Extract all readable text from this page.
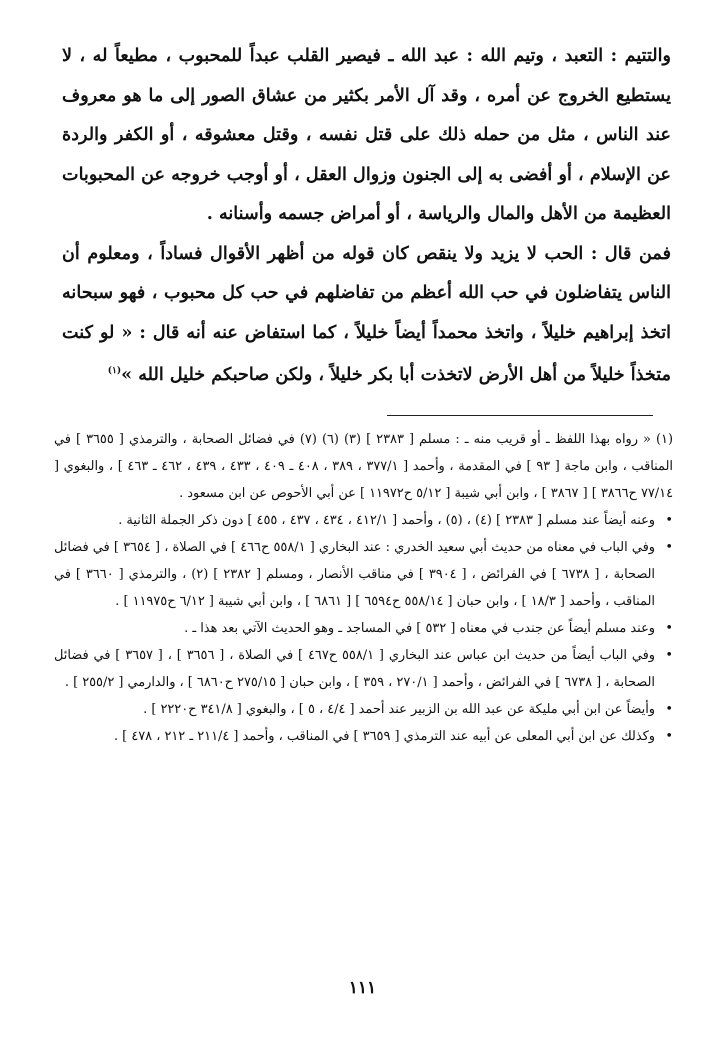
والتتيم : التعبد ، وتيم الله : عبد الله ـ فيصير القلب عبداً للمحبوب ، مطيعاً له ، لا يستطيع الخروج عن أمره ، وقد آل الأمر بكثير من عشاق الصور إلى ما هو معروف عند الناس ، مثل من حمله ذلك على قتل نفسه ، وقتل معشوقه ، أو الكفر والردة عن الإسلام ، أو أفضى به إلى الجنون وزوال العقل ، أو أوجب خروجه عن المحبوبات العظيمة من الأهل والمال والرياسة ، أو أمراض جسمه وأسنانه .

فمن قال : الحب لا يزيد ولا ينقص كان قوله من أظهر الأقوال فساداً ، ومعلوم أن الناس يتفاضلون في حب الله أعظم من تفاضلهم في حب كل محبوب ، فهو سبحانه اتخذ إبراهيم خليلاً ، واتخذ محمداً أيضاً خليلاً ، كما استفاض عنه أنه قال : « لو كنت متخذاً خليلاً من أهل الأرض لاتخذت أبا بكر خليلاً ، ولكن صاحبكم خليل الله »$^{(١)}$

(١) « رواه بهذا اللفظ ـ أو قريب منه ـ : مسلم [ ٢٣٨٣ ] (٣) (٦) (٧) في فضائل الصحابة ، والترمذي [ ٣٦٥٥ ] في المناقب ، وابن ماجة [ ٩٣ ] في المقدمة ، وأحمد [ ٣٧٧/١ ، ٣٨٩ ، ٤٠٨ ـ ٤٠٩ ، ٤٣٣ ، ٤٣٩ ، ٤٦٢ ـ ٤٦٣ ] ، والبغوي [ ٧٧/١٤ ح٣٨٦٦ ] [ ٣٨٦٧ ] ، وابن أبي شيبة [ ٥/١٢ ح١١٩٧٢ ] عن أبي الأحوص عن ابن مسعود .

•وعنه أيضاً عند مسلم [ ٢٣٨٣ ] (٤) ، (٥) ، وأحمد [ ٤١٢/١ ، ٤٣٤ ، ٤٣٧ ، ٤٥٥ ] دون ذكر الجملة الثانية .

•وفي الباب في معناه من حديث أبي سعيد الخدري : عند البخاري [ ٥٥٨/١ ح٤٦٦ ] في الصلاة ، [ ٣٦٥٤ ] في فضائل الصحابة ، [ ٦٧٣٨ ] في الفرائض ، [ ٣٩٠٤ ] في مناقب الأنصار ، ومسلم [ ٢٣٨٢ ] (٢) ، والترمذي [ ٣٦٦٠ ] في المناقب ، وأحمد [ ١٨/٣ ] ، وابن حبان [ ٥٥٨/١٤ ح٦٥٩٤ ] [ ٦٨٦١ ] ، وابن أبي شيبة [ ٦/١٢ ح١١٩٧٥ ] .

•وعند مسلم أيضاً عن جندب في معناه [ ٥٣٢ ] في المساجد ـ وهو الحديث الآتي بعد هذا ـ .

•وفي الباب أيضاً من حديث ابن عباس عند البخاري [ ٥٥٨/١ ح٤٦٧ ] في الصلاة ، [ ٣٦٥٦ ] ، [ ٣٦٥٧ ] في فضائل الصحابة ، [ ٦٧٣٨ ] في الفرائض ، وأحمد [ ٢٧٠/١ ، ٣٥٩ ] ، وابن حبان [ ٢٧٥/١٥ ح٦٨٦٠ ] ، والدارمي [ ٢٥٥/٢ ] .

•وأيضاً عن ابن أبي مليكة عن عبد الله بن الزبير عند أحمد [ ٤/٤ ، ٥ ] ، والبغوي [ ٣٤١/٨ ح٢٢٢٠ ] .

•وكذلك عن ابن أبي المعلى عن أبيه عند الترمذي [ ٣٦٥٩ ] في المناقب ، وأحمد [ ٢١١/٤ ـ ٢١٢ ، ٤٧٨ ] .

١١١
